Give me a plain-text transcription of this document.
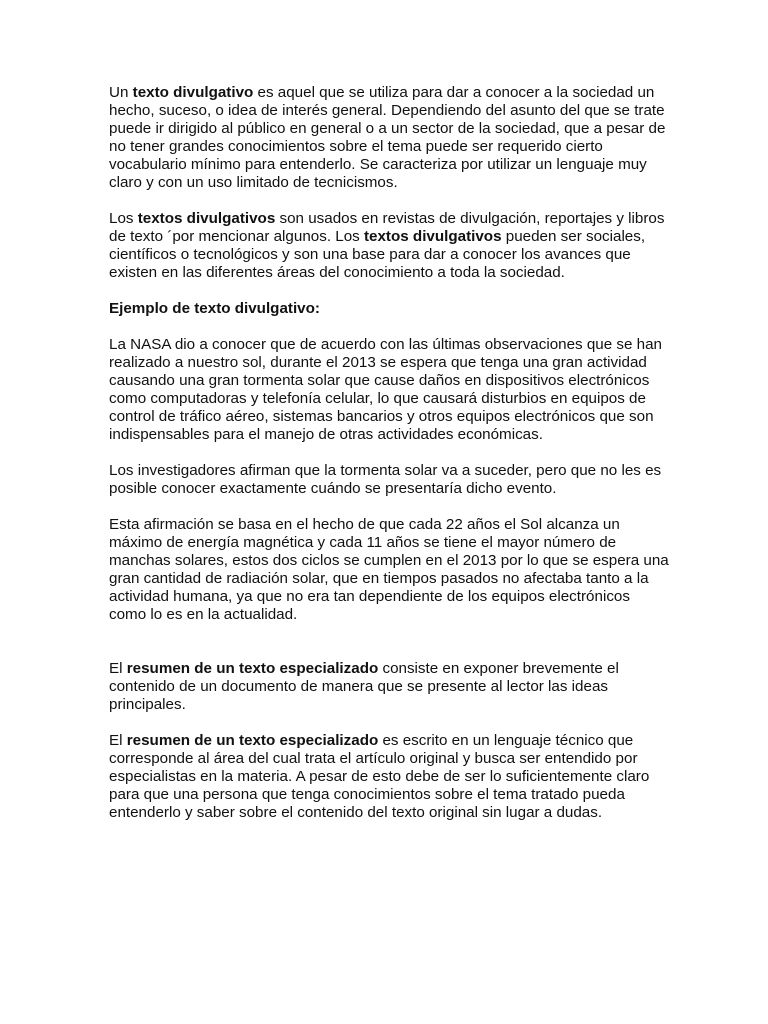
Un texto divulgativo es aquel que se utiliza para dar a conocer a la sociedad un hecho, suceso, o idea de interés general. Dependiendo del asunto del que se trate puede ir dirigido al público en general o a un sector de la sociedad, que a pesar de no tener grandes conocimientos sobre el tema puede ser requerido cierto vocabulario mínimo para entenderlo. Se caracteriza por utilizar un lenguaje muy claro y con un uso limitado de tecnicismos.

Los textos divulgativos son usados en revistas de divulgación, reportajes y libros de texto ´por mencionar algunos. Los textos divulgativos pueden ser sociales, científicos o tecnológicos y son una base para dar a conocer los avances que existen en las diferentes áreas del conocimiento a toda la sociedad.

Ejemplo de texto divulgativo:

La NASA dio a conocer que de acuerdo con las últimas observaciones que se han realizado a nuestro sol, durante el 2013 se espera que tenga una gran actividad causando una gran tormenta solar que cause daños en dispositivos electrónicos como computadoras y telefonía celular, lo que causará disturbios en equipos de control de tráfico aéreo, sistemas bancarios y otros equipos electrónicos que son indispensables para el manejo de otras actividades económicas.

Los investigadores afirman que la tormenta solar va a suceder, pero que no les es posible conocer exactamente cuándo se presentaría dicho evento.

Esta afirmación se basa en el hecho de que cada 22 años el Sol alcanza un máximo de energía magnética y cada 11 años se tiene el mayor número de manchas solares, estos dos ciclos se cumplen en el 2013 por lo que se espera una gran cantidad de radiación solar, que en tiempos pasados no afectaba tanto a la actividad humana, ya que no era tan dependiente de los equipos electrónicos como lo es en la actualidad.

El resumen de un texto especializado consiste en exponer brevemente el contenido de un documento de manera que se presente al lector las ideas principales.

El resumen de un texto especializado es escrito en un lenguaje técnico que corresponde al área del cual trata el artículo original y busca ser entendido por especialistas en la materia. A pesar de esto debe de ser lo suficientemente claro para que una persona que tenga conocimientos sobre el tema tratado pueda entenderlo y saber sobre el contenido del texto original sin lugar a dudas.
